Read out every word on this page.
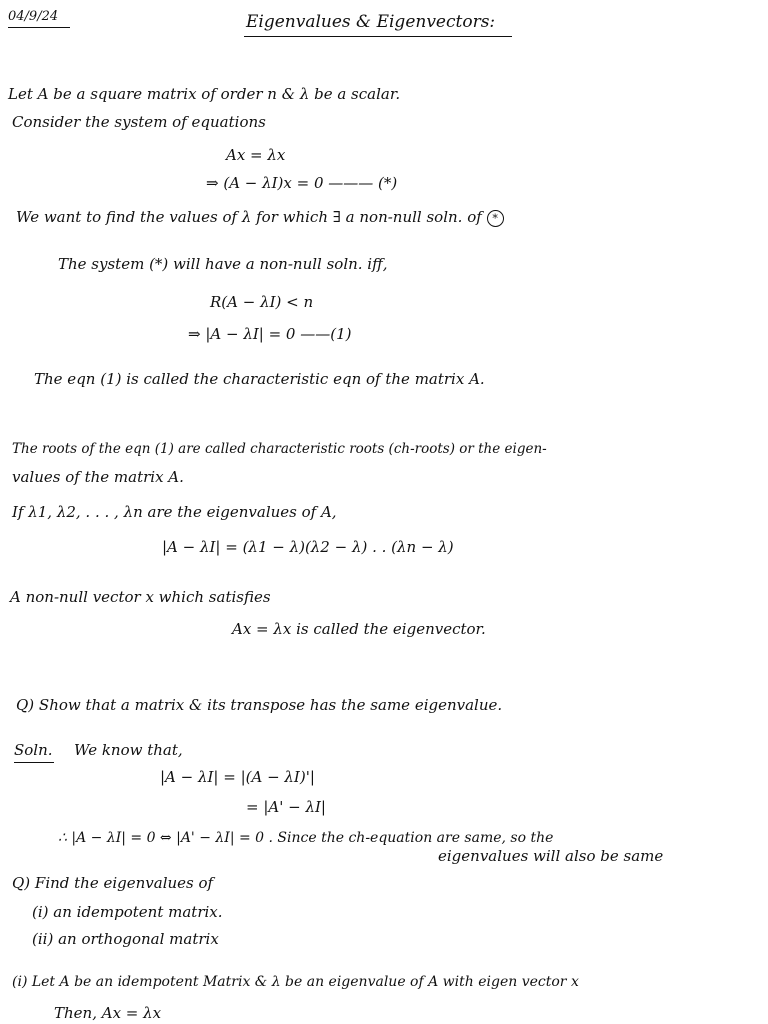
04/9/24	Eigenvalues & Eigenvectors:
Let A be a square matrix of order n & λ be a scalar.
Consider the system of equations
Ax = λx
⇒ (A − λI)x = 0 ——— (*)
We want to find the values of λ for which ∃ a non-null soln. of *
The system (*) will have a non-null soln. iff,
R(A − λI) < n
⇒ |A − λI| = 0 ——(1)
The eqn (1) is called the characteristic eqn of the matrix A.
The roots of the eqn (1) are called characteristic roots (ch-roots) or the eigen-
values of the matrix A.
If λ1, λ2, . . . , λn are the eigenvalues of A,
|A − λI| = (λ1 − λ)(λ2 − λ) . . (λn − λ)
A non-null vector x which satisfies
Ax = λx is called the eigenvector.
Q) Show that a matrix & its transpose has the same eigenvalue.
Soln. We know that,
|A − λI| = |(A − λI)'|
= |A' − λI|
∴ |A − λI| = 0 ⇔ |A' − λI| = 0 . Since the ch-equation are same, so the
eigenvalues will also be same
Q) Find the eigenvalues of
(i) an idempotent matrix.
(ii) an orthogonal matrix
(i) Let A be an idempotent Matrix & λ be an eigenvalue of A with eigen vector x
Then, Ax = λx
